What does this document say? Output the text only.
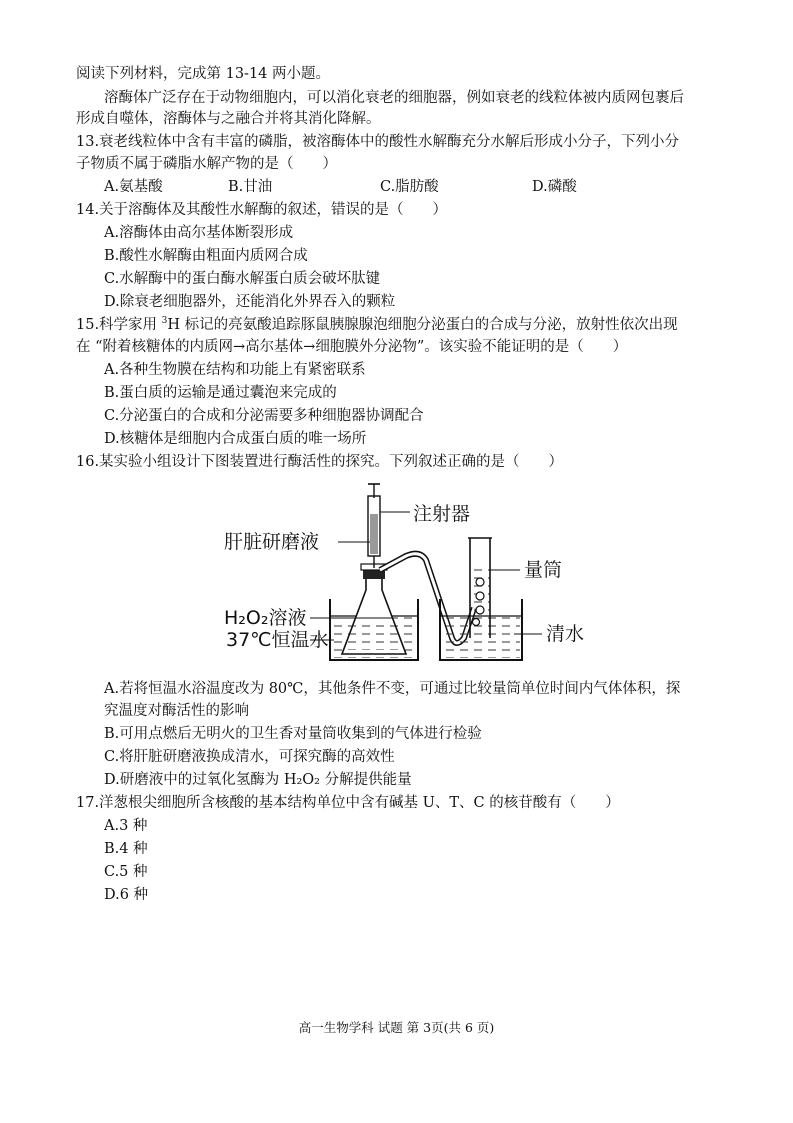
阅读下列材料，完成第 13-14 两小题。
溶酶体广泛存在于动物细胞内，可以消化衰老的细胞器，例如衰老的线粒体被内质网包裹后
形成自噬体，溶酶体与之融合并将其消化降解。
13.衰老线粒体中含有丰富的磷脂，被溶酶体中的酸性水解酶充分水解后形成小分子，下列小分
子物质不属于磷脂水解产物的是（　　）
A.氨基酸	B.甘油	C.脂肪酸	D.磷酸
14.关于溶酶体及其酸性水解酶的叙述，错误的是（　　）
A.溶酶体由高尔基体断裂形成
B.酸性水解酶由粗面内质网合成
C.水解酶中的蛋白酶水解蛋白质会破坏肽键
D.除衰老细胞器外，还能消化外界吞入的颗粒
15.科学家用 $^3$H 标记的亮氨酸追踪豚鼠胰腺腺泡细胞分泌蛋白的合成与分泌，放射性依次出现
在 “附着核糖体的内质网→高尔基体→细胞膜外分泌物”。该实验不能证明的是（　　）
A.各种生物膜在结构和功能上有紧密联系
B.蛋白质的运输是通过囊泡来完成的
C.分泌蛋白的合成和分泌需要多种细胞器协调配合
D.核糖体是细胞内合成蛋白质的唯一场所
16.某实验小组设计下图装置进行酶活性的探究。下列叙述正确的是（　　）
注射器
肝脏研磨液
量筒
H₂O₂溶液
37℃恒温水	清水
A.若将恒温水浴温度改为 80℃，其他条件不变，可通过比较量筒单位时间内气体体积，探
究温度对酶活性的影响
B.可用点燃后无明火的卫生香对量筒收集到的气体进行检验
C.将肝脏研磨液换成清水，可探究酶的高效性
D.研磨液中的过氧化氢酶为 H₂O₂ 分解提供能量
17.洋葱根尖细胞所含核酸的基本结构单位中含有碱基 U、T、C 的核苷酸有（　　）
A.3 种
B.4 种
C.5 种
D.6 种
高一生物学科 试题 第 3页(共 6 页)
